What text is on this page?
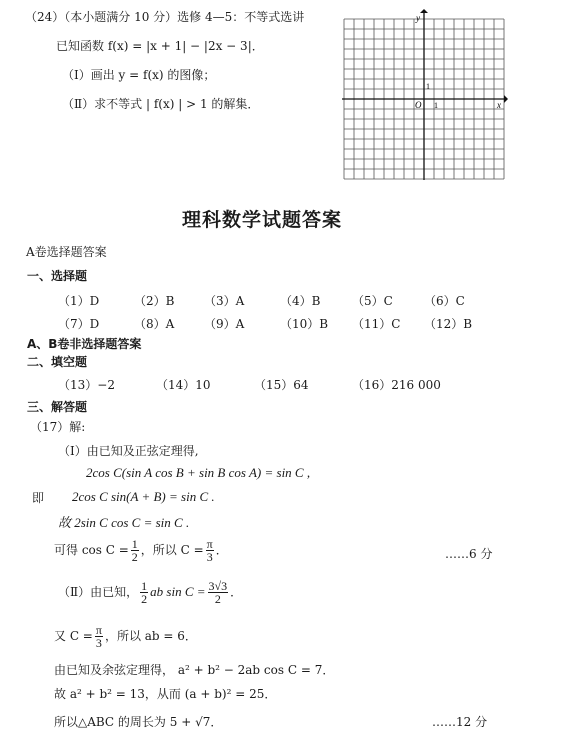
（24）（本小题满分 10 分）选修 4—5：不等式选讲
已知函数 f(x) = |x + 1| − |2x − 3|．
（Ⅰ）画出 y = f(x) 的图像；
（Ⅱ）求不等式 | f(x) | > 1 的解集．	x
y
O 1
1
理科数学试题答案
A卷选择题答案
一、选择题
（1）D	（2）B （3）A	（4）B	（5）C	（6）C
（7）D	（8）A （9）A	（10）B （11）C （12）B
A、B卷非选择题答案
二、填空题
（13）−2	（14）10	（15）64	（16）216 000
三、解答题
（17）解:
（Ⅰ）由已知及正弦定理得,
2cos C(sin A cos B + sin B cos A) = sin C ,
即 2cos C sin(A + B) = sin C .
故 2sin C cos C = sin C .
可得 $\cos C = \frac{1}{2}$ ，所以 $C = \frac{\pi}{3}$ ．	……6 分
（Ⅱ）由已知， $\frac{1}{2}$ ab $\sin C = \frac{3√3}{2}$ ．
又 $C = \frac{\pi}{3}$ ，所以 ab = 6．
由已知及余弦定理得， a² + b² − 2ab cos C = 7．
故 a² + b² = 13，从而 (a + b)² = 25．
所以△ABC 的周长为 5 + √7．	……12 分
